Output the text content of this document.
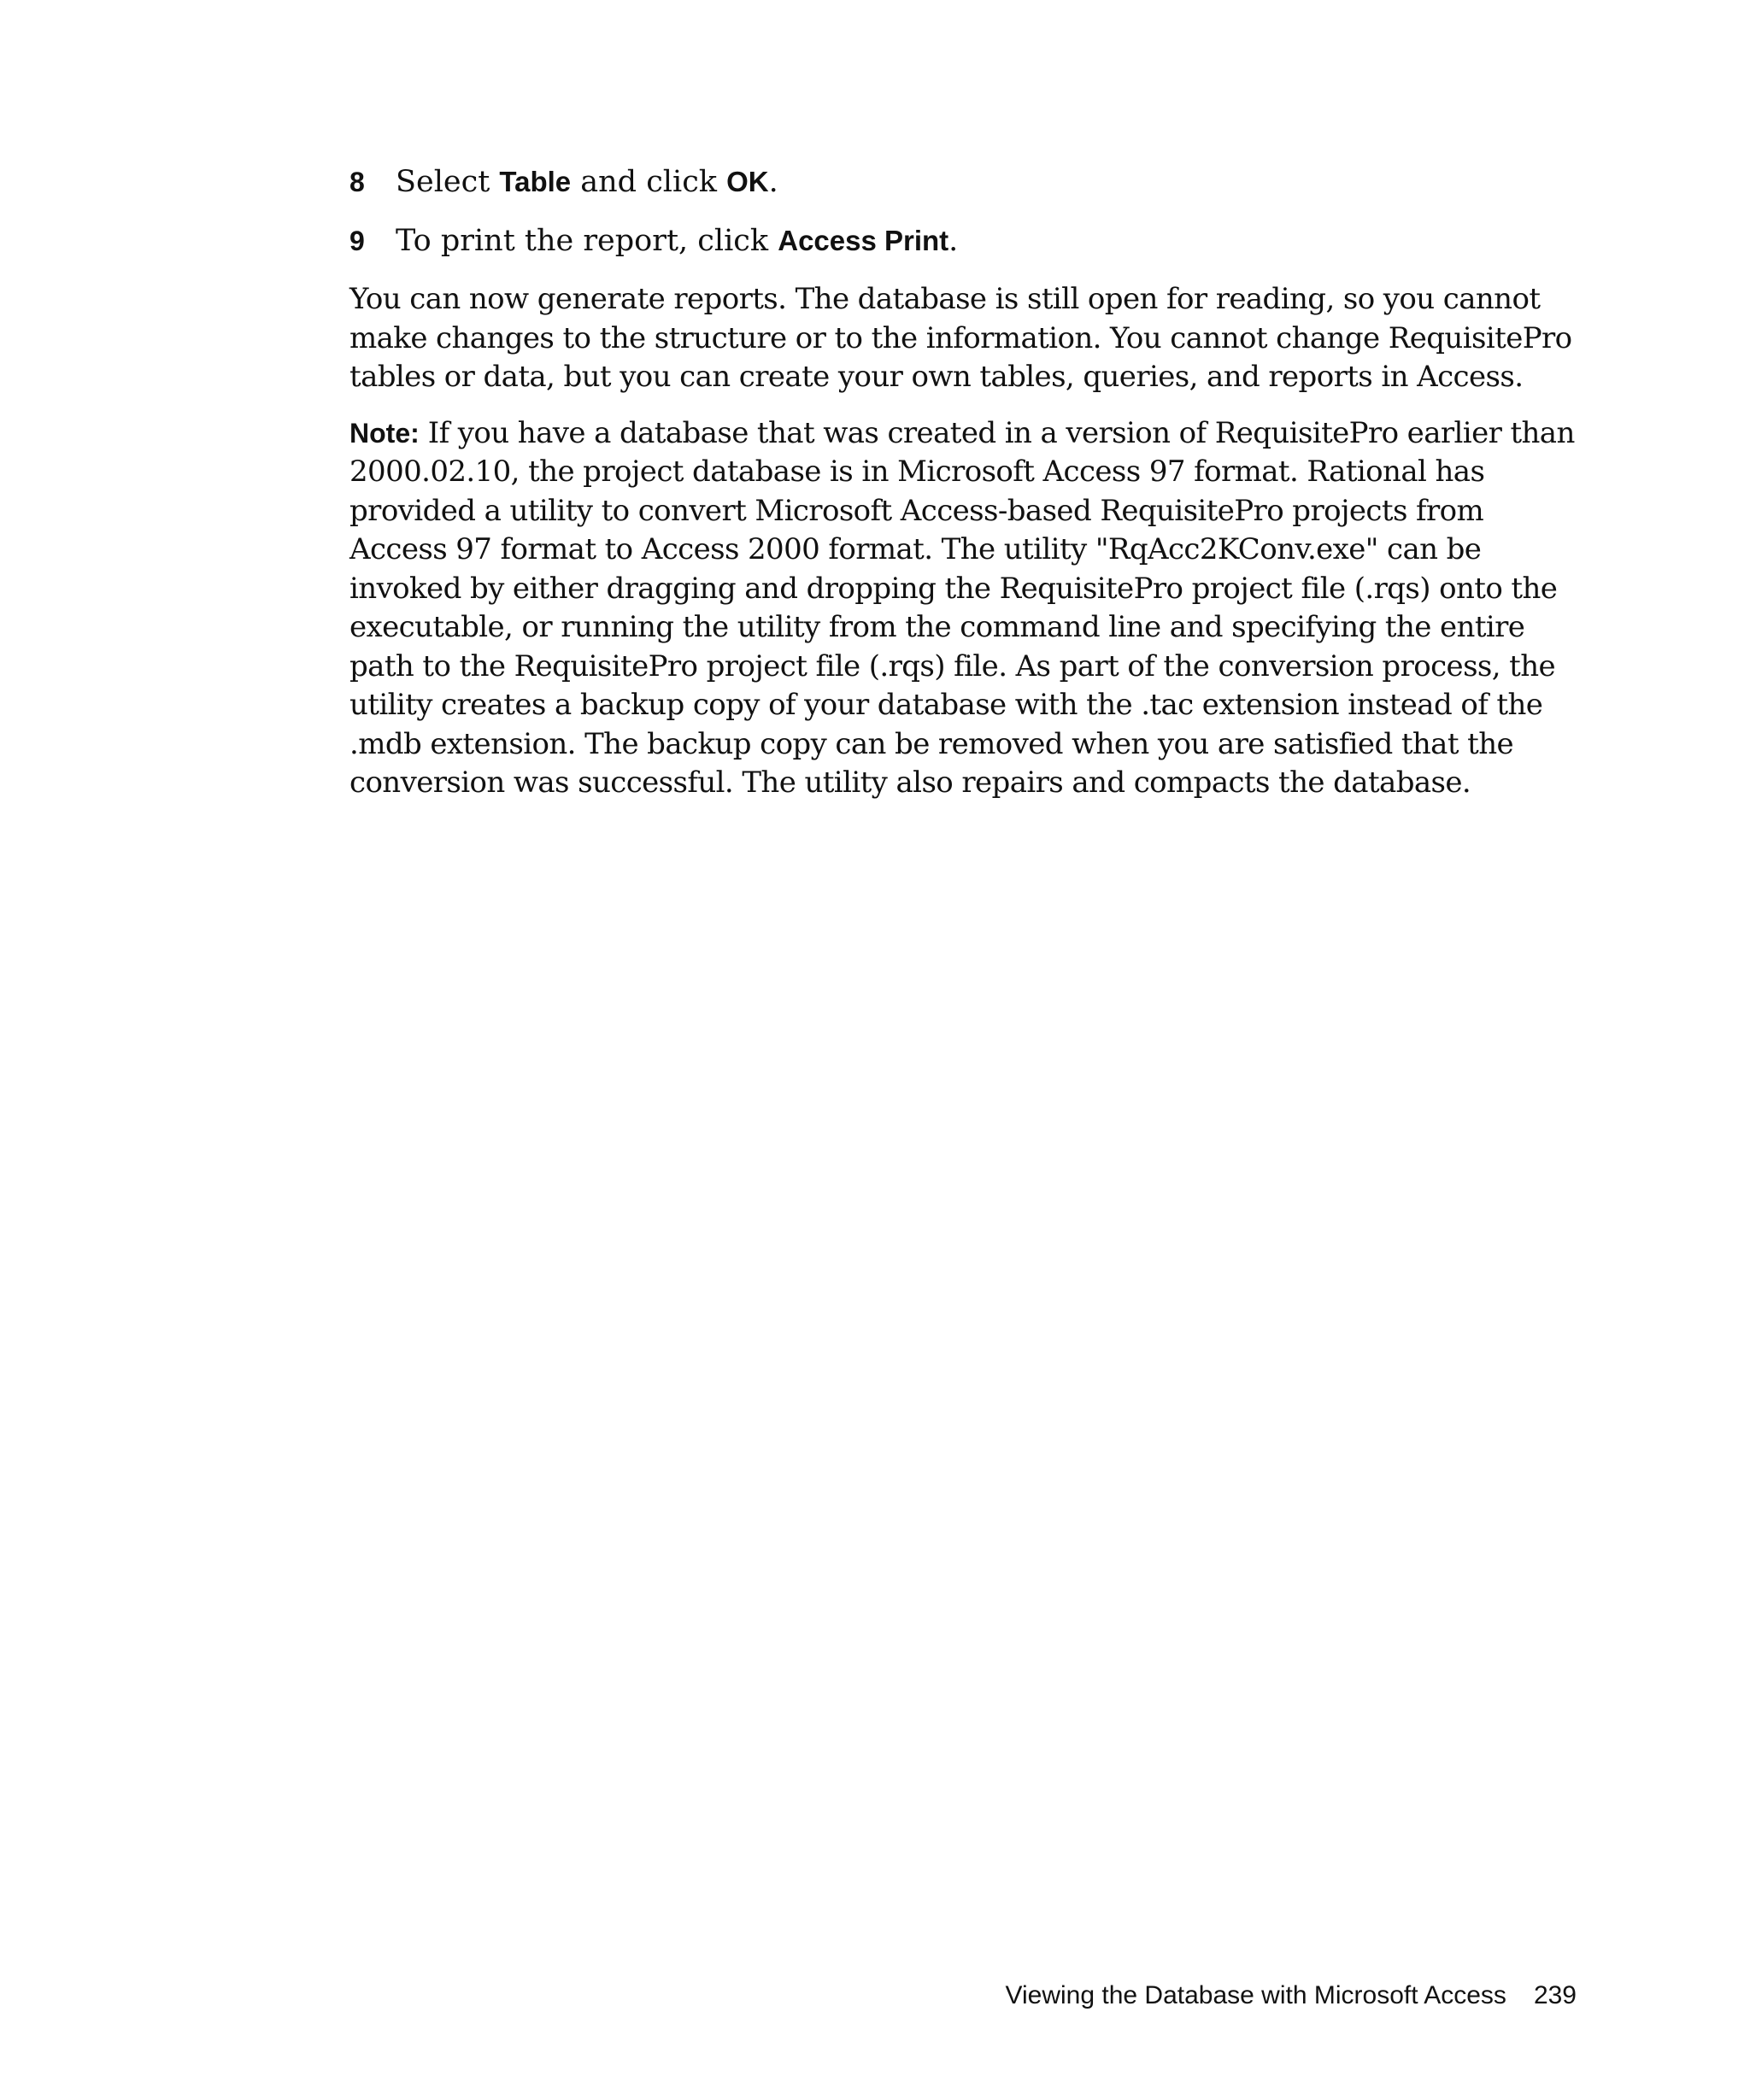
8	Select Table and click OK.
9	To print the report, click Access Print.

You can now generate reports. The database is still open for reading, so you cannot make changes to the structure or to the information. You cannot change RequisitePro tables or data, but you can create your own tables, queries, and reports in Access.

Note: If you have a database that was created in a version of RequisitePro earlier than 2000.02.10, the project database is in Microsoft Access 97 format. Rational has provided a utility to convert Microsoft Access-based RequisitePro projects from Access 97 format to Access 2000 format. The utility "RqAcc2KConv.exe" can be invoked by either dragging and dropping the RequisitePro project file (.rqs) onto the executable, or running the utility from the command line and specifying the entire path to the RequisitePro project file (.rqs) file. As part of the conversion process, the utility creates a backup copy of your database with the .tac extension instead of the .mdb extension. The backup copy can be removed when you are satisfied that the conversion was successful. The utility also repairs and compacts the database.

Viewing the Database with Microsoft Access 239
